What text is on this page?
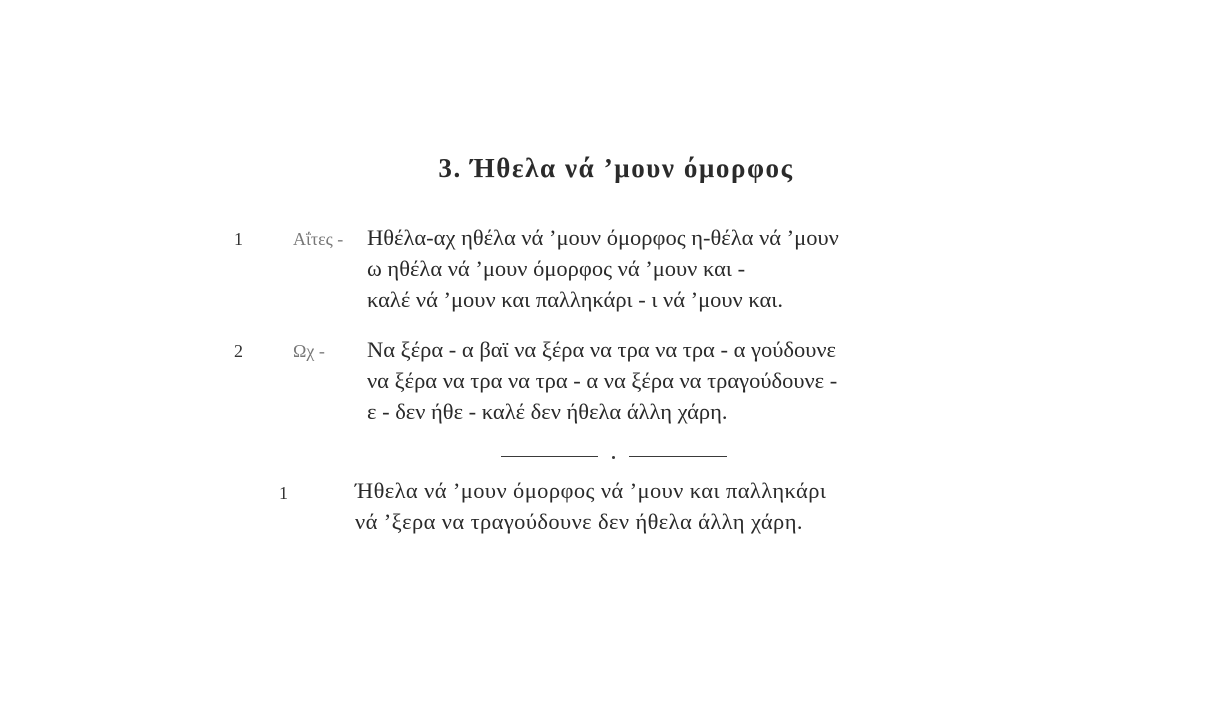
3. Ήθελα νά ’μουν όμορφος
1	Αΐτες - Ηθέλα-αχ ηθέλα νά ’μουν όμορφος η-θέλα νά ’μουν
ω ηθέλα νά ’μουν όμορφος νά ’μουν και -
καλέ νά ’μουν και παλληκάρι - ι νά ’μουν και.
2	Ωχ - Να ξέρα - α βαϊ να ξέρα να τρα να τρα - α γούδουνε
να ξέρα να τρα να τρα - α να ξέρα να τραγούδουνε -
ε - δεν ήθε - καλέ δεν ήθελα άλλη χάρη.
1	Ήθελα νά ’μουν όμορφος νά ’μουν και παλληκάρι
νά ’ξερα να τραγούδουνε δεν ήθελα άλλη χάρη.
